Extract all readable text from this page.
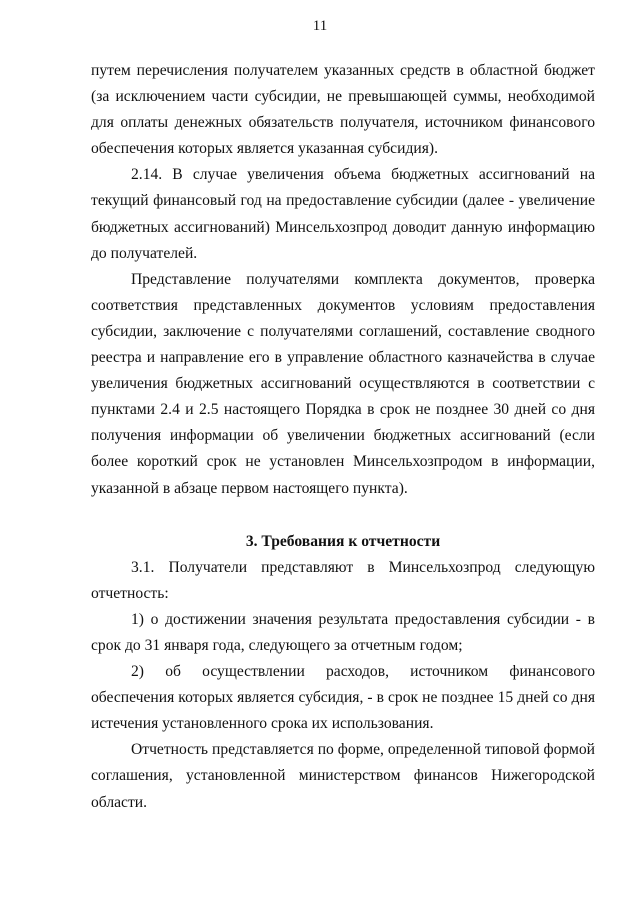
11

путем перечисления получателем указанных средств в областной бюджет (за исключением части субсидии, не превышающей суммы, необходимой для оплаты денежных обязательств получателя, источником финансового обеспечения которых является указанная субсидия).

2.14. В случае увеличения объема бюджетных ассигнований на текущий финансовый год на предоставление субсидии (далее - увеличение бюджетных ассигнований) Минсельхозпрод доводит данную информацию до получателей.

Представление получателями комплекта документов, проверка соответствия представленных документов условиям предоставления субсидии, заключение с получателями соглашений, составление сводного реестра и направление его в управление областного казначейства в случае увеличения бюджетных ассигнований осуществляются в соответствии с пунктами 2.4 и 2.5 настоящего Порядка в срок не позднее 30 дней со дня получения информации об увеличении бюджетных ассигнований (если более короткий срок не установлен Минсельхозпродом в информации, указанной в абзаце первом настоящего пункта).

3. Требования к отчетности

3.1. Получатели представляют в Минсельхозпрод следующую отчетность:

1) о достижении значения результата предоставления субсидии - в срок до 31 января года, следующего за отчетным годом;

2) об осуществлении расходов, источником финансового обеспечения которых является субсидия, - в срок не позднее 15 дней со дня истечения установленного срока их использования.

Отчетность представляется по форме, определенной типовой формой соглашения, установленной министерством финансов Нижегородской области.
